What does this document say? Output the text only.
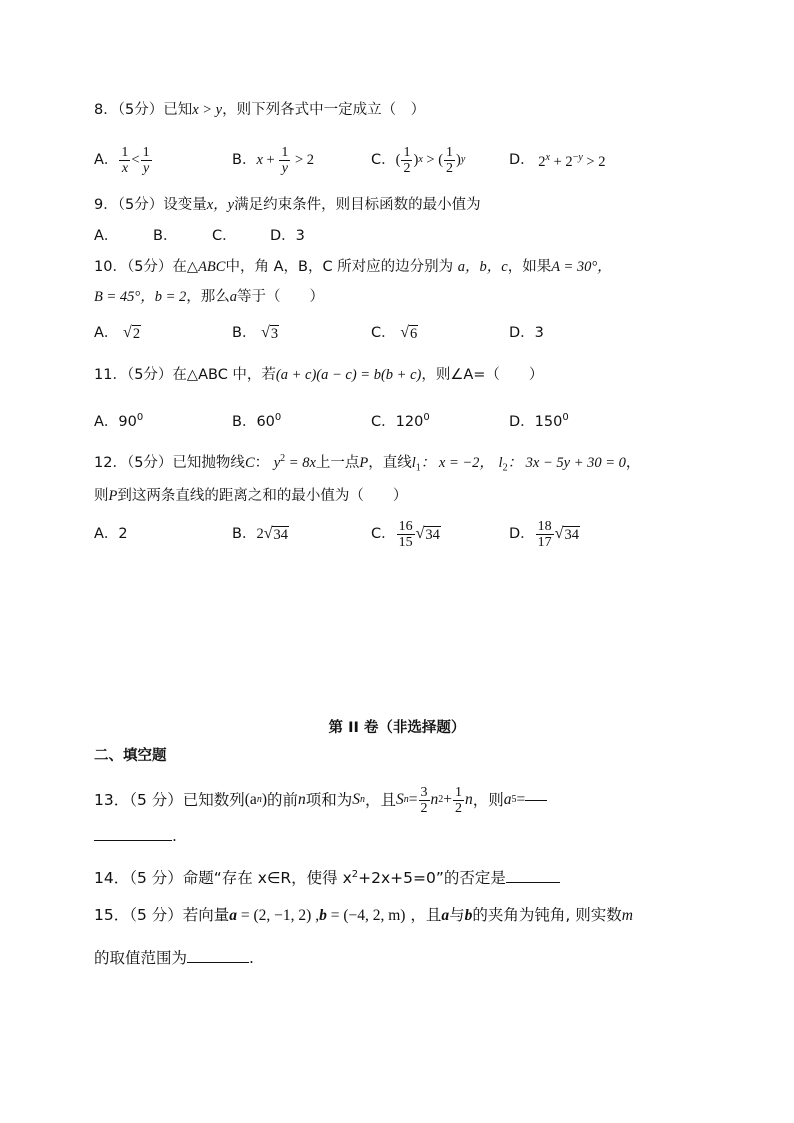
8．（5分）已知x > y，则下列各式中一定成立（　）
A． $\frac{1}{x} < \frac{1}{y}$	B． $x + \frac{1}{y} > 2$	C． ( $\frac{1}{2}$ ) x > ( $\frac{1}{2}$ ) y	D． $2^x + 2^{-y} > 2$
9．（5分）设变量x，y满足约束条件，则目标函数的最小值为
A． B． C． D．3
10．（5分）在△ABC中，角 A，B，C 所对应的边分别为 a，b，c，如果A = 30°，
B = 45°，b = 2，那么a等于（　　）
A． √ 2	B． √ 3	C． √ 6	D．3
11．（5分）在△ABC 中，若(a + c)(a − c) = b(b + c)，则∠A=（　　）
A．$90^0$	B．$60^0$	C．$120^0$	D．$150^0$
12．（5分）已知抛物线C： $y^2 = 8x$上一点P，直线$l_1$： x = −2， $l_2$： 3x − 5y + 30 = 0，
则P到这两条直线的距离之和的最小值为（　　）
A．2	B． 2 √ 34	C． $\frac{16}{15}$ √ 34	D． $\frac{18}{17}$ √ 34
第 II 卷（非选择题）
二、填空题
13．（5 分）已知数列 (a n ) 的前 n 项和为 S n ，且 S $n = \frac{3}{2}$ n $2 + \frac{1}{2}$ n ，则 a 5 =
.
14．（5 分）命题“存在 x∈R，使得 $x^2+2x+5=0$”的否定是
15．（5 分）若向量a = (2, −1, 2) ,b = (−4, 2, m) ，且a与b的夹角为钝角, 则实数m
的取值范围为	.
